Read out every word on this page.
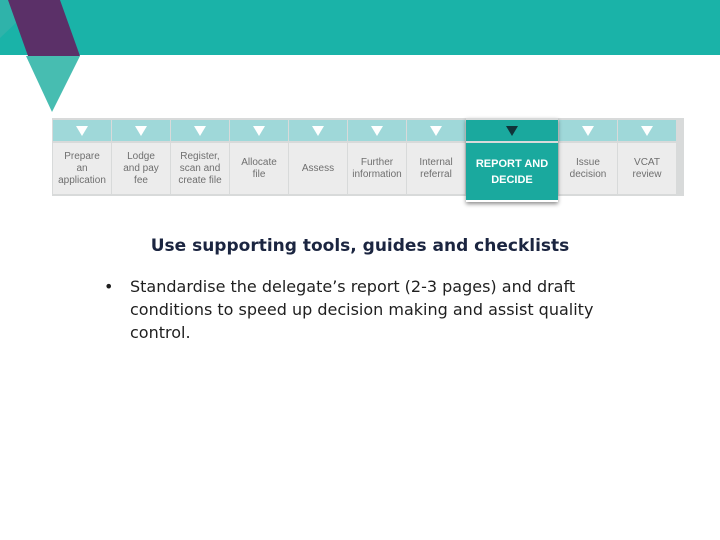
Prepare
an
application
Lodge
and pay
fee
Register,
scan and
create file
Allocate
file
Assess
Further
information
Internal
referral
REPORT AND
DECIDE
Issue
decision
VCAT
review
Use supporting tools, guides and checklists
• Standardise the delegate’s report (2-3 pages) and draft conditions to speed up decision making and assist quality control.
